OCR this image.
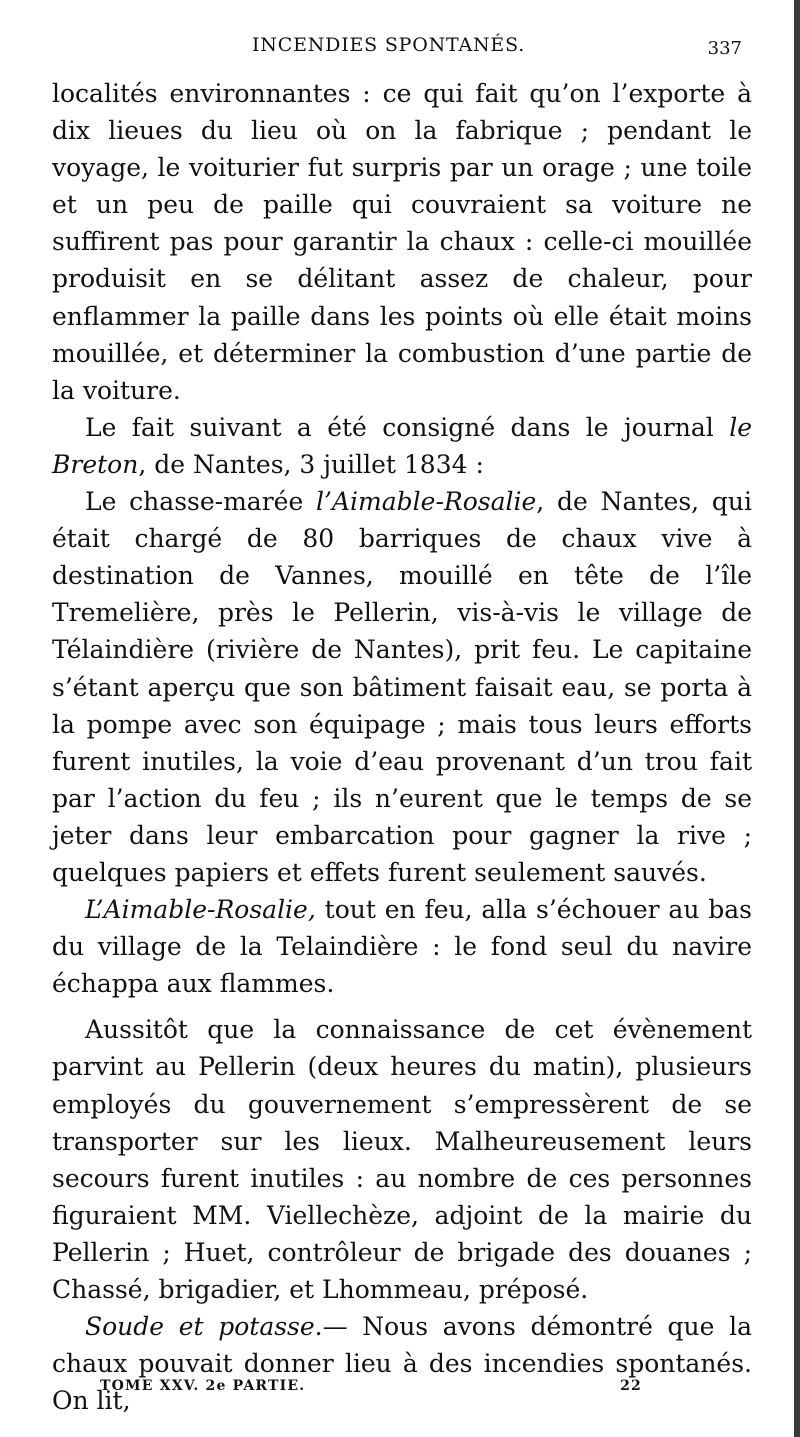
INCENDIES SPONTANÉS.	337

localités environnantes : ce qui fait qu’on l’exporte à dix lieues du lieu où on la fabrique ; pendant le voyage, le voiturier fut surpris par un orage ; une toile et un peu de paille qui couvraient sa voiture ne suffirent pas pour garantir la chaux : celle-ci mouillée produisit en se délitant assez de chaleur, pour enflammer la paille dans les points où elle était moins mouillée, et déterminer la combustion d’une partie de la voiture.

Le fait suivant a été consigné dans le journal le Breton, de Nantes, 3 juillet 1834 :

Le chasse-marée l’Aimable-Rosalie, de Nantes, qui était chargé de 80 barriques de chaux vive à destination de Vannes, mouillé en tête de l’île Tremelière, près le Pellerin, vis-à-vis le village de Télaindière (rivière de Nantes), prit feu. Le capitaine s’étant aperçu que son bâtiment faisait eau, se porta à la pompe avec son équipage ; mais tous leurs efforts furent inutiles, la voie d’eau provenant d’un trou fait par l’action du feu ; ils n’eurent que le temps de se jeter dans leur embarcation pour gagner la rive ; quelques papiers et effets furent seulement sauvés.

L’Aimable-Rosalie, tout en feu, alla s’échouer au bas du village de la Telaindière : le fond seul du navire échappa aux flammes.

Aussitôt que la connaissance de cet évènement parvint au Pellerin (deux heures du matin), plusieurs employés du gouvernement s’empressèrent de se transporter sur les lieux. Malheureusement leurs secours furent inutiles : au nombre de ces personnes figuraient MM. Viellechèze, adjoint de la mairie du Pellerin ; Huet, contrôleur de brigade des douanes ; Chassé, brigadier, et Lhommeau, préposé.

Soude et potasse.— Nous avons démontré que la chaux pouvait donner lieu à des incendies spontanés. On lit,

TOME XXV. 2e PARTIE.	22
